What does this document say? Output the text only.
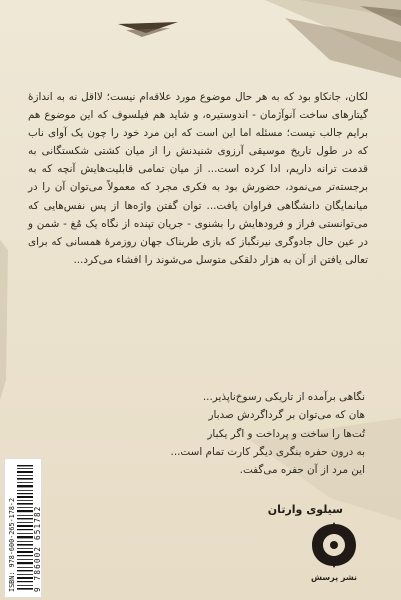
لکان، جانکاو بود که به هر حال موضوع مورد علاقه‌ام نیست؛ لااقل نه به اندازهٔ گیتارهای ساخت آنوآژمان - اندوستیره، و شاید هم فیلسوف که این موضوع هم برایم جالب نیست؛ مسئله اما این است که این مرد خود را چون یک آوای ناب که در طول تاریخ موسیقی آرزوی شنیدنش را از میان کشتی شکستگانی به قدمت ترانه داریم، ادا کرده است... از میان تمامی قابلیت‌هایش آنچه که به برجسته‌تر می‌نمود، حضورش بود به فکری مجرد که معمولاً می‌توان آن را در میانمایگان دانشگاهی فراوان یافت... توان گفتن واژه‌ها از پس نفس‌هایی که می‌توانستی فراز و فرودهایش را بشنوی - جریان تپنده از نگاه یک مُغ - شمن و در عین حال جادوگری نیرنگباز که بازی طربناک جهان روزمرهٔ همسانی که برای تعالی یافتن از آن به هزار دلقکی متوسل می‌شوند را افشاء می‌کرد...

نگاهی برآمده از تاریکی رسوخ‌ناپذیر...
هان که می‌توان بر گرداگردش صدبار
تُت‌ها را ساخت و پرداخت و اگر یکبار
به درون حفره بنگری دیگر کارت تمام است...
این مرد از آن حفره می‌گفت.
سیلوی وارتان
ISBN: 978-600-265-178-2 9 786002 651782	نشر پرسش
